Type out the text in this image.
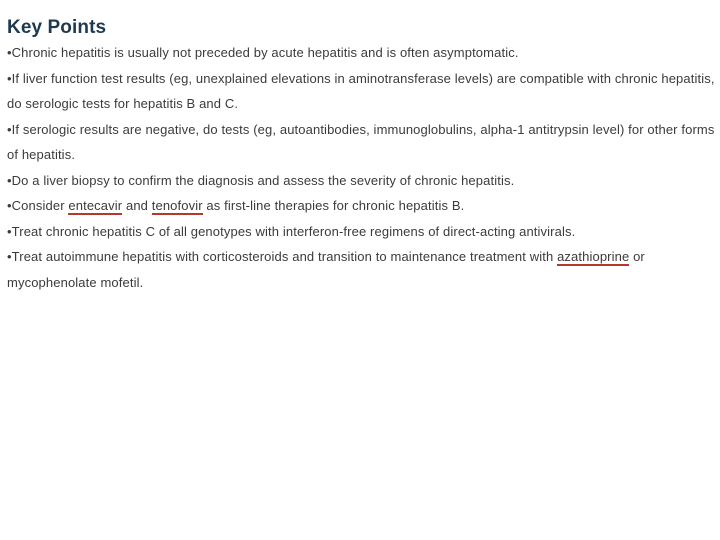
Key Points
•Chronic hepatitis is usually not preceded by acute hepatitis and is often asymptomatic.
•If liver function test results (eg, unexplained elevations in aminotransferase levels) are compatible with chronic hepatitis, do serologic tests for hepatitis B and C.
•If serologic results are negative, do tests (eg, autoantibodies, immunoglobulins, alpha-1 antitrypsin level) for other forms of hepatitis.
•Do a liver biopsy to confirm the diagnosis and assess the severity of chronic hepatitis.
•Consider entecavir and tenofovir as first-line therapies for chronic hepatitis B.
•Treat chronic hepatitis C of all genotypes with interferon-free regimens of direct-acting antivirals.
•Treat autoimmune hepatitis with corticosteroids and transition to maintenance treatment with azathioprine or mycophenolate mofetil.
